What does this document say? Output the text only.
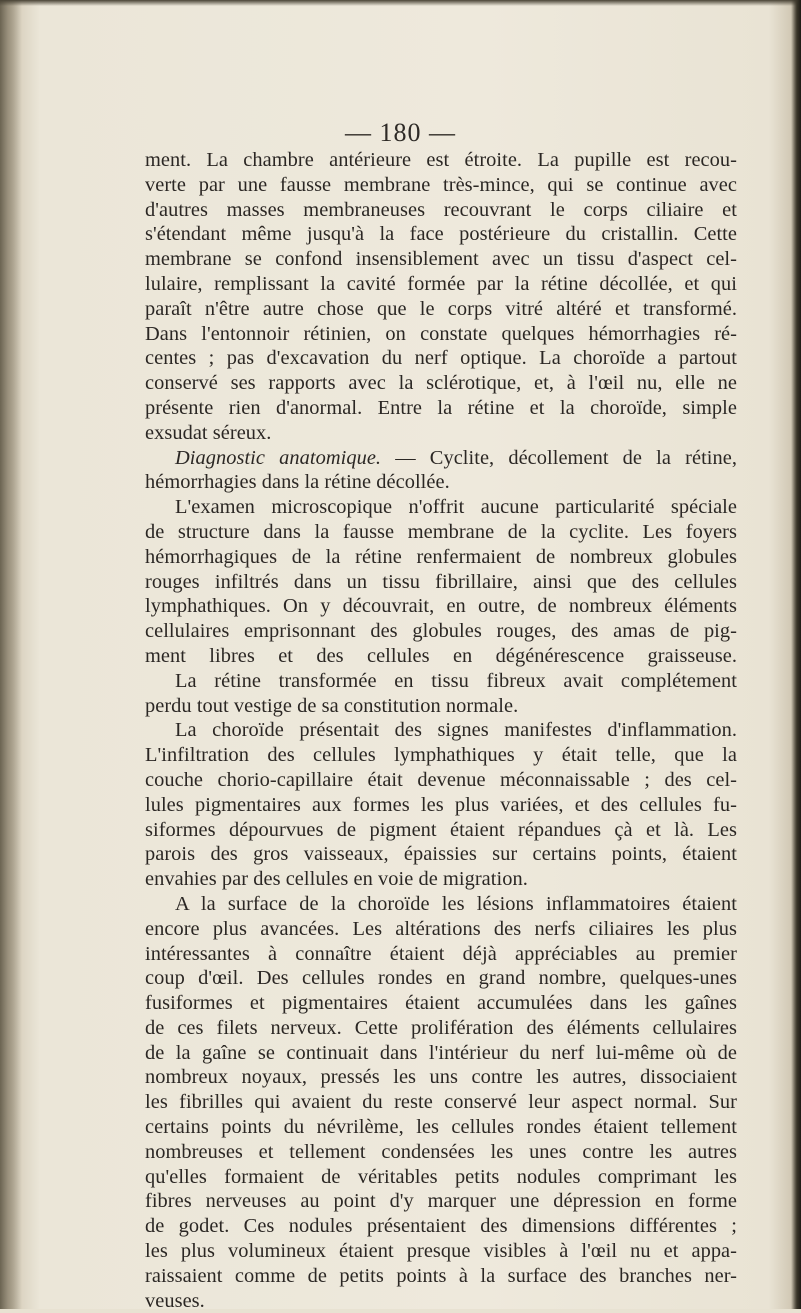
— 180 —
ment. La chambre antérieure est étroite. La pupille est recou-
verte par une fausse membrane très-mince, qui se continue avec
d'autres masses membraneuses recouvrant le corps ciliaire et
s'étendant même jusqu'à la face postérieure du cristallin. Cette
membrane se confond insensiblement avec un tissu d'aspect cel-
lulaire, remplissant la cavité formée par la rétine décollée, et qui
paraît n'être autre chose que le corps vitré altéré et transformé.
Dans l'entonnoir rétinien, on constate quelques hémorrhagies ré-
centes ; pas d'excavation du nerf optique. La choroïde a partout
conservé ses rapports avec la sclérotique, et, à l'œil nu, elle ne
présente rien d'anormal. Entre la rétine et la choroïde, simple
exsudat séreux.
Diagnostic anatomique. — Cyclite, décollement de la rétine,
hémorrhagies dans la rétine décollée.
L'examen microscopique n'offrit aucune particularité spéciale
de structure dans la fausse membrane de la cyclite. Les foyers
hémorrhagiques de la rétine renfermaient de nombreux globules
rouges infiltrés dans un tissu fibrillaire, ainsi que des cellules
lymphathiques. On y découvrait, en outre, de nombreux éléments
cellulaires emprisonnant des globules rouges, des amas de pig-
ment libres et des cellules en dégénérescence graisseuse.
La rétine transformée en tissu fibreux avait complétement
perdu tout vestige de sa constitution normale.
La choroïde présentait des signes manifestes d'inflammation.
L'infiltration des cellules lymphathiques y était telle, que la
couche chorio-capillaire était devenue méconnaissable ; des cel-
lules pigmentaires aux formes les plus variées, et des cellules fu-
siformes dépourvues de pigment étaient répandues çà et là. Les
parois des gros vaisseaux, épaissies sur certains points, étaient
envahies par des cellules en voie de migration.
A la surface de la choroïde les lésions inflammatoires étaient
encore plus avancées. Les altérations des nerfs ciliaires les plus
intéressantes à connaître étaient déjà appréciables au premier
coup d'œil. Des cellules rondes en grand nombre, quelques-unes
fusiformes et pigmentaires étaient accumulées dans les gaînes
de ces filets nerveux. Cette prolifération des éléments cellulaires
de la gaîne se continuait dans l'intérieur du nerf lui-même où de
nombreux noyaux, pressés les uns contre les autres, dissociaient
les fibrilles qui avaient du reste conservé leur aspect normal. Sur
certains points du névrilème, les cellules rondes étaient tellement
nombreuses et tellement condensées les unes contre les autres
qu'elles formaient de véritables petits nodules comprimant les
fibres nerveuses au point d'y marquer une dépression en forme
de godet. Ces nodules présentaient des dimensions différentes ;
les plus volumineux étaient presque visibles à l'œil nu et appa-
raissaient comme de petits points à la surface des branches ner-
veuses.
